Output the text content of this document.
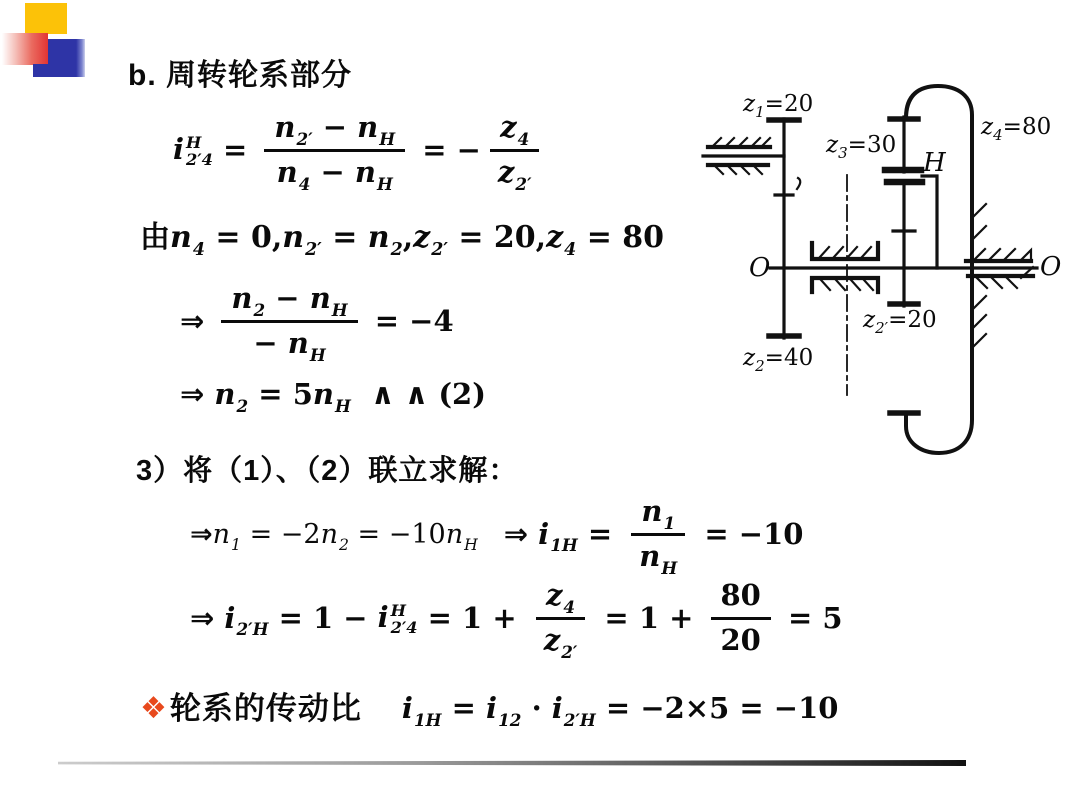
b. 周转轮系部分
3）将（1）、（2）联立求解：
i H
$2'4 = \frac{n_{2'} - n_H}{n_4 - n_H}$ = − $\frac{z_4}{z_{2'}}$
由 $n_4 = 0$, $n_{2'} = n_2$ , $z_{2'} = 20$, $z_4 = 80$
⇒ $\frac{n_2 - n_H}{- n_H} = -4$
⇒ $n_2 = 5$ $n_H$ ∧ ∧ (2)
⇒ $n_1 = -2$ $n_2 = -10$ $n_H$ ⇒ $i_{1H} = \frac{n_1}{n_H} = -10$
⇒ $i_{2'H} = 1 - i$ H
$2'4 = 1 + \frac{z_4}{z_{2'}} = 1 + \frac{80}{20} = 5$
❖ 轮系的传动比 $i_{1H} = i_{12} \cdot i_{2'H} = -2\times 5 = -10$
$z_1=20$
$z_3=30$
$z_4=80$
$z_{2'}=20$
$z_2=40$
H
O	O
